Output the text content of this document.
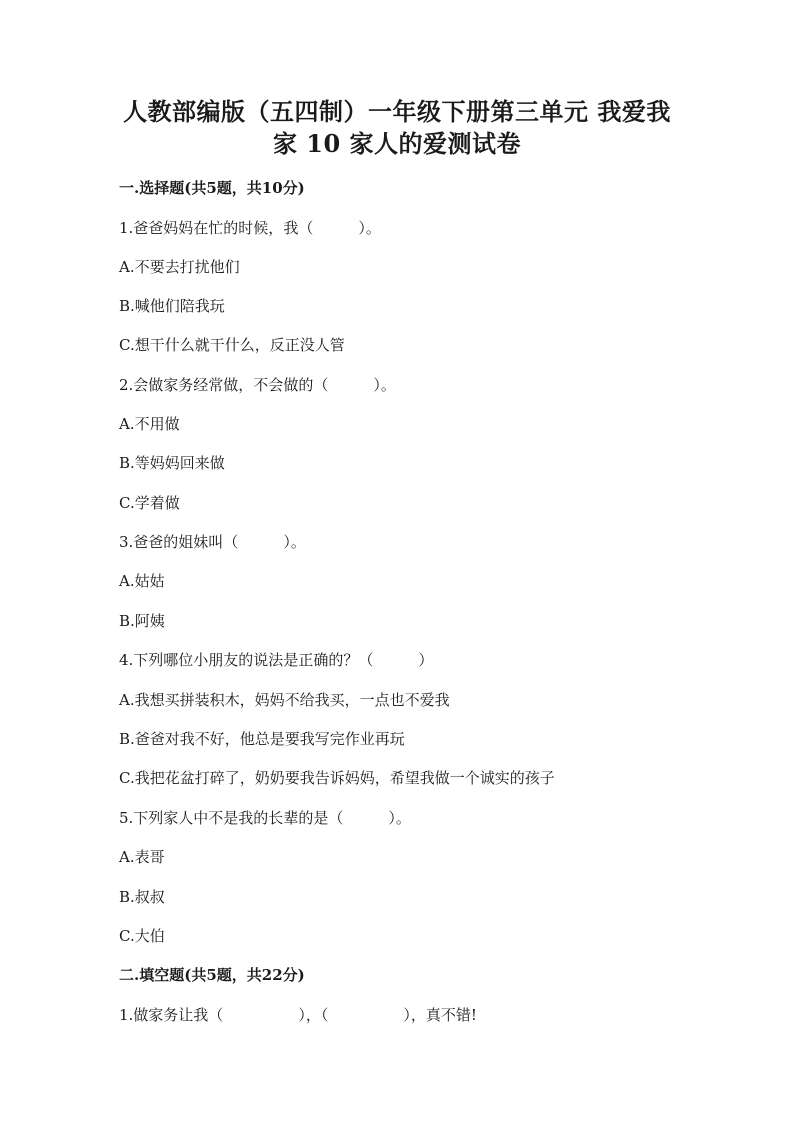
人教部编版（五四制）一年级下册第三单元 我爱我
家 10 家人的爱测试卷
一.选择题(共5题，共10分)
1.爸爸妈妈在忙的时候，我（　　　）。
A.不要去打扰他们
B.喊他们陪我玩
C.想干什么就干什么，反正没人管
2.会做家务经常做，不会做的（　　　）。
A.不用做
B.等妈妈回来做
C.学着做
3.爸爸的姐妹叫（　　　）。
A.姑姑
B.阿姨
4.下列哪位小朋友的说法是正确的？（　　　）
A.我想买拼装积木，妈妈不给我买，一点也不爱我
B.爸爸对我不好，他总是要我写完作业再玩
C.我把花盆打碎了，奶奶要我告诉妈妈，希望我做一个诚实的孩子
5.下列家人中不是我的长辈的是（　　　）。
A.表哥
B.叔叔
C.大伯
二.填空题(共5题，共22分)
1.做家务让我（　　　　　），（　　　　　），真不错!
